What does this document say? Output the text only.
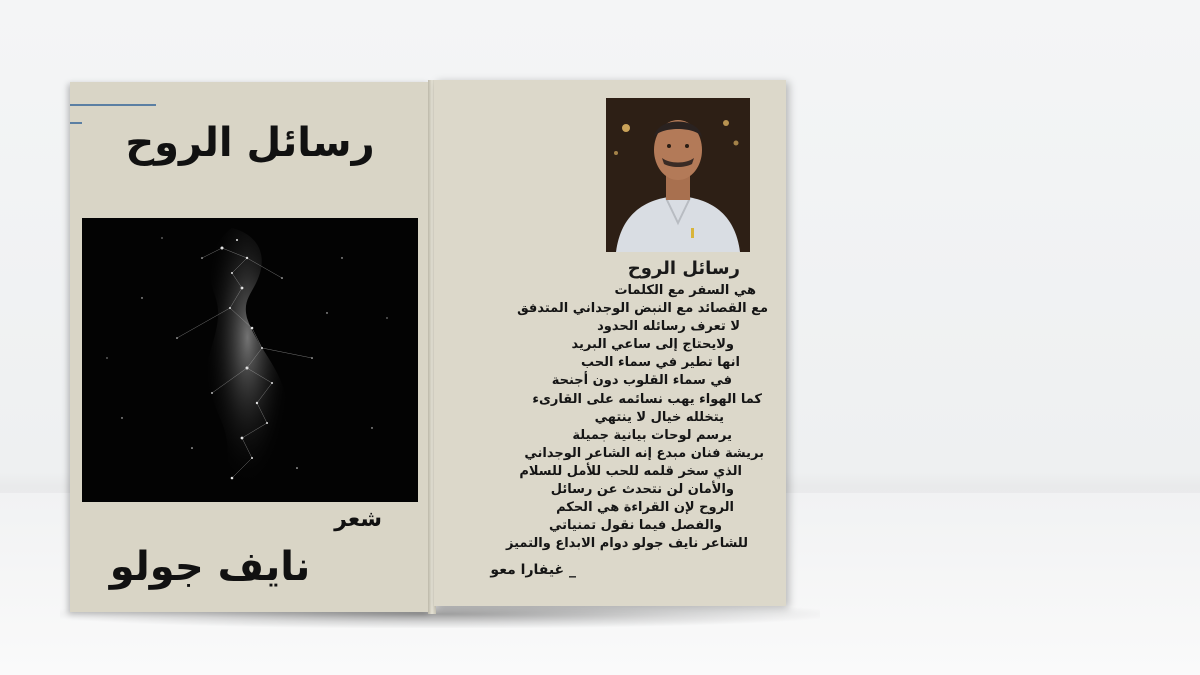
رسائل الروح
شعر
نايف جولو
رسائل الروح
هي السفر مع الكلمات
مع القصائد مع النبض الوجداني المتدفق
لا تعرف رسائله الحدود
ولايحتاج إلى ساعي البريد
انها تطير في سماء الحب
في سماء القلوب دون أجنحة
كما الهواء يهب نسائمه على القارىء
يتخلله خيال لا ينتهي
يرسم لوحات بيانية جميلة
بريشة فنان مبدع إنه الشاعر الوجداني
الذي سخر قلمه للحب للأمل للسلام
والأمان لن نتحدث عن رسائل
الروح لإن القراءة هي الحكم
والفصل فيما نقول تمنياتي
للشاعر نايف جولو دوام الابداع والتميز
_ غيفارا معو
